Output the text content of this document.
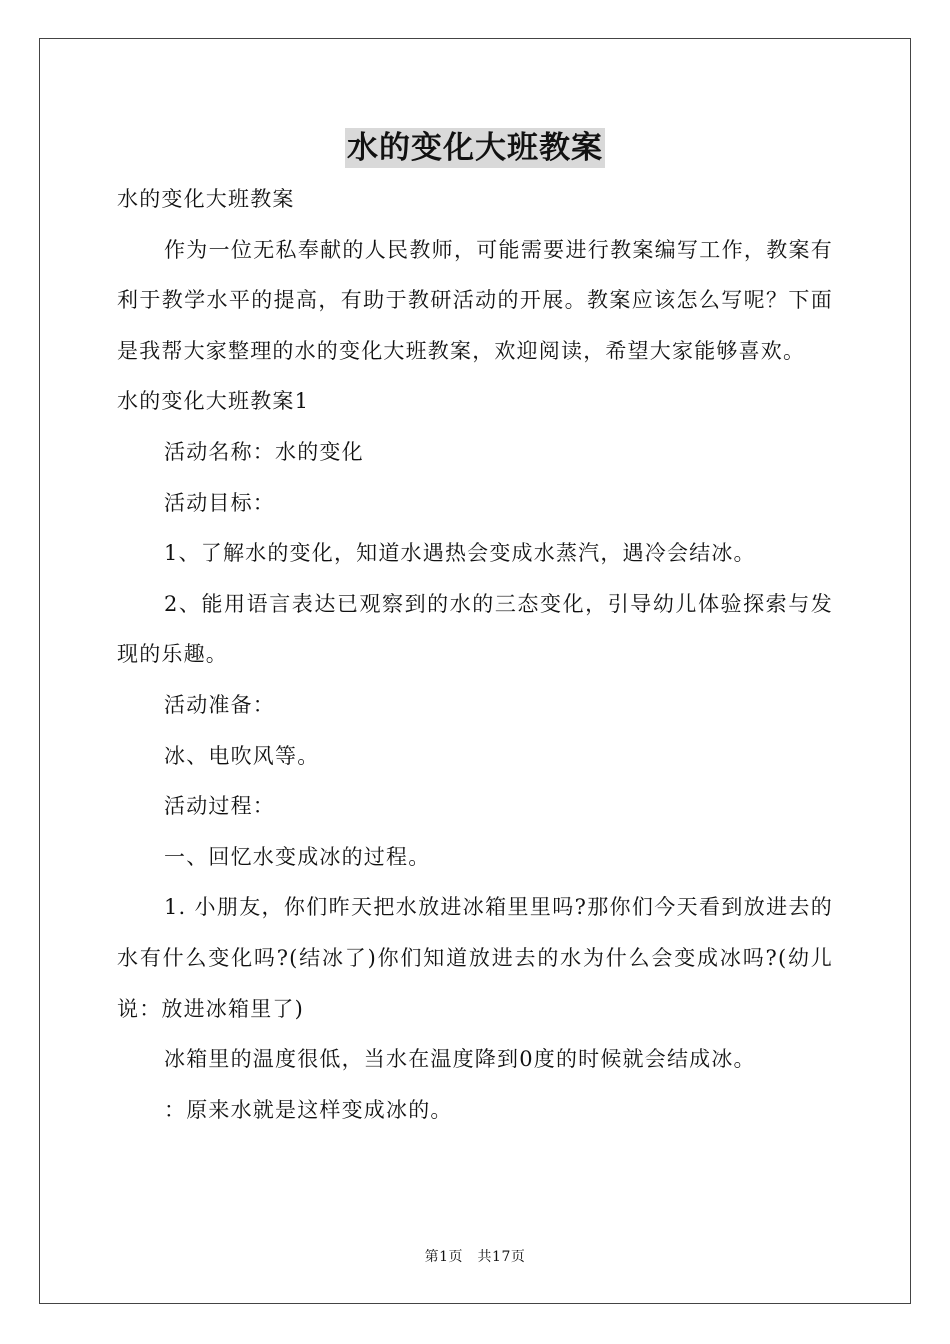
水的变化大班教案

水的变化大班教案

作为一位无私奉献的人民教师，可能需要进行教案编写工作，教案有利于教学水平的提高，有助于教研活动的开展。教案应该怎么写呢？下面是我帮大家整理的水的变化大班教案，欢迎阅读，希望大家能够喜欢。

水的变化大班教案1

活动名称：水的变化

活动目标：

1、了解水的变化，知道水遇热会变成水蒸汽，遇冷会结冰。

2、能用语言表达已观察到的水的三态变化，引导幼儿体验探索与发现的乐趣。

活动准备：

冰、电吹风等。

活动过程：

一、回忆水变成冰的过程。

1. 小朋友，你们昨天把水放进冰箱里里吗?那你们今天看到放进去的水有什么变化吗?(结冰了)你们知道放进去的水为什么会变成冰吗?(幼儿说：放进冰箱里了)

冰箱里的温度很低，当水在温度降到0度的时候就会结成冰。

：原来水就是这样变成冰的。

第1页　共17页
